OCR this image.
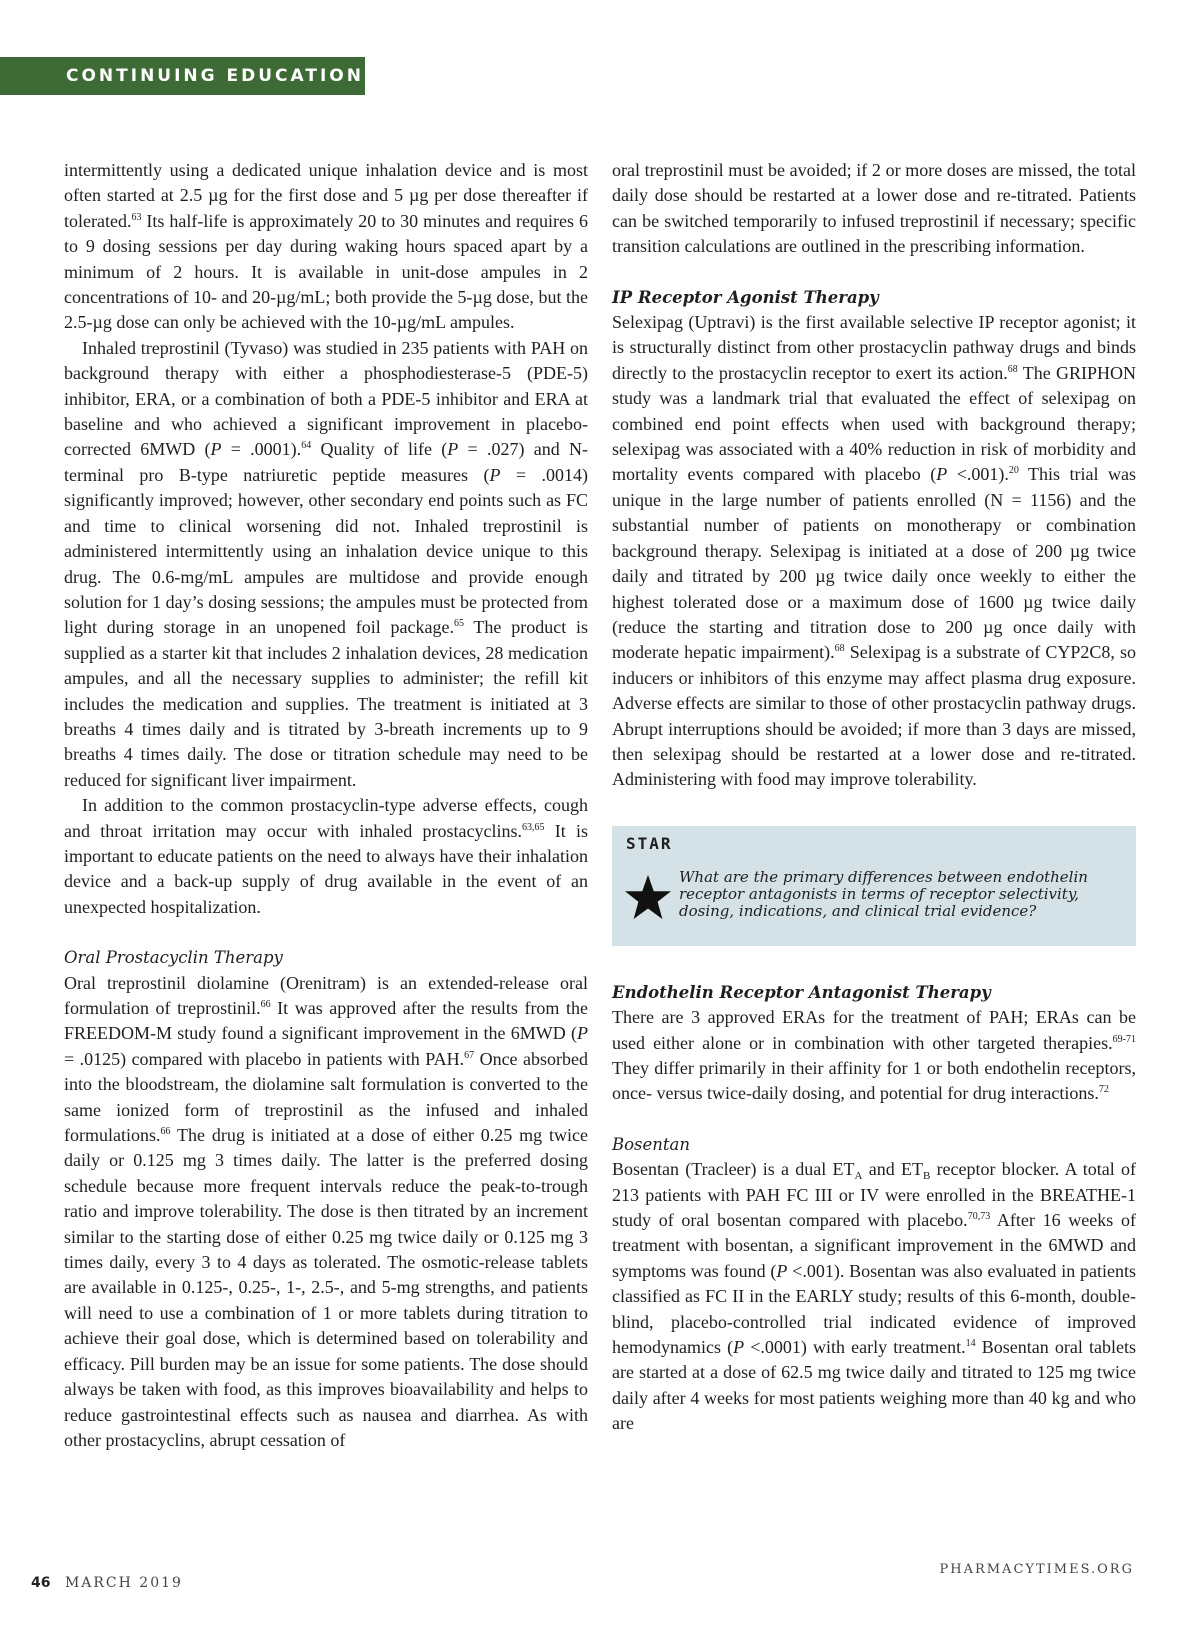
CONTINUING EDUCATION

intermittently using a dedicated unique inhalation device and is most often started at 2.5 µg for the first dose and 5 µg per dose thereafter if tolerated.$^{63}$ Its half-life is approximately 20 to 30 minutes and requires 6 to 9 dosing sessions per day during waking hours spaced apart by a minimum of 2 hours. It is available in unit-dose ampules in 2 concentrations of 10- and 20-µg/mL; both provide the 5-µg dose, but the 2.5-µg dose can only be achieved with the 10-µg/mL ampules.

Inhaled treprostinil (Tyvaso) was studied in 235 patients with PAH on background therapy with either a phosphodiesterase-5 (PDE-5) inhibitor, ERA, or a combination of both a PDE-5 inhibitor and ERA at baseline and who achieved a significant improvement in placebo-corrected 6MWD (P = .0001).$^{64}$ Quality of life (P = .027) and N-terminal pro B-type natriuretic peptide measures (P = .0014) significantly improved; however, other secondary end points such as FC and time to clinical worsening did not. Inhaled treprostinil is administered intermittently using an inhalation device unique to this drug. The 0.6-mg/mL ampules are multidose and provide enough solution for 1 day’s dosing sessions; the ampules must be protected from light during storage in an unopened foil package.$^{65}$ The product is supplied as a starter kit that includes 2 inhalation devices, 28 medication ampules, and all the necessary supplies to administer; the refill kit includes the medication and supplies. The treatment is initiated at 3 breaths 4 times daily and is titrated by 3-breath increments up to 9 breaths 4 times daily. The dose or titration schedule may need to be reduced for significant liver impairment.

In addition to the common prostacyclin-type adverse effects, cough and throat irritation may occur with inhaled prostacyclins.$^{63,65}$ It is important to educate patients on the need to always have their inhalation device and a back-up supply of drug available in the event of an unexpected hospitalization.

Oral Prostacyclin Therapy

Oral treprostinil diolamine (Orenitram) is an extended-release oral formulation of treprostinil.$^{66}$ It was approved after the results from the FREEDOM-M study found a significant improvement in the 6MWD (P = .0125) compared with placebo in patients with PAH.$^{67}$ Once absorbed into the bloodstream, the diolamine salt formulation is converted to the same ionized form of treprostinil as the infused and inhaled formulations.$^{66}$ The drug is initiated at a dose of either 0.25 mg twice daily or 0.125 mg 3 times daily. The latter is the preferred dosing schedule because more frequent intervals reduce the peak-to-trough ratio and improve tolerability. The dose is then titrated by an increment similar to the starting dose of either 0.25 mg twice daily or 0.125 mg 3 times daily, every 3 to 4 days as tolerated. The osmotic-release tablets are available in 0.125-, 0.25-, 1-, 2.5-, and 5-mg strengths, and patients will need to use a combination of 1 or more tablets during titration to achieve their goal dose, which is determined based on tolerability and efficacy. Pill burden may be an issue for some patients. The dose should always be taken with food, as this improves bioavailability and helps to reduce gastrointestinal effects such as nausea and diarrhea. As with other prostacyclins, abrupt cessation of

oral treprostinil must be avoided; if 2 or more doses are missed, the total daily dose should be restarted at a lower dose and re-titrated. Patients can be switched temporarily to infused treprostinil if necessary; specific transition calculations are outlined in the prescribing information.

IP Receptor Agonist Therapy

Selexipag (Uptravi) is the first available selective IP receptor agonist; it is structurally distinct from other prostacyclin pathway drugs and binds directly to the prostacyclin receptor to exert its action.$^{68}$ The GRIPHON study was a landmark trial that evaluated the effect of selexipag on combined end point effects when used with background therapy; selexipag was associated with a 40% reduction in risk of morbidity and mortality events compared with placebo (P <.001).$^{20}$ This trial was unique in the large number of patients enrolled (N = 1156) and the substantial number of patients on monotherapy or combination background therapy. Selexipag is initiated at a dose of 200 µg twice daily and titrated by 200 µg twice daily once weekly to either the highest tolerated dose or a maximum dose of 1600 µg twice daily (reduce the starting and titration dose to 200 µg once daily with moderate hepatic impairment).$^{68}$ Selexipag is a substrate of CYP2C8, so inducers or inhibitors of this enzyme may affect plasma drug exposure. Adverse effects are similar to those of other prostacyclin pathway drugs. Abrupt interruptions should be avoided; if more than 3 days are missed, then selexipag should be restarted at a lower dose and re-titrated. Administering with food may improve tolerability.

STAR
What are the primary differences between endothelin receptor antagonists in terms of receptor selectivity, dosing, indications, and clinical trial evidence?
Endothelin Receptor Antagonist Therapy

There are 3 approved ERAs for the treatment of PAH; ERAs can be used either alone or in combination with other targeted therapies.$^{69-71}$ They differ primarily in their affinity for 1 or both endothelin receptors, once- versus twice-daily dosing, and potential for drug interactions.$^{72}$

Bosentan

Bosentan (Tracleer) is a dual $ET_A$ and $ET_B$ receptor blocker. A total of 213 patients with PAH FC III or IV were enrolled in the BREATHE-1 study of oral bosentan compared with placebo.$^{70,73}$ After 16 weeks of treatment with bosentan, a significant improvement in the 6MWD and symptoms was found (P <.001). Bosentan was also evaluated in patients classified as FC II in the EARLY study; results of this 6-month, double-blind, placebo-controlled trial indicated evidence of improved hemodynamics (P <.0001) with early treatment.$^{14}$ Bosentan oral tablets are started at a dose of 62.5 mg twice daily and titrated to 125 mg twice daily after 4 weeks for most patients weighing more than 40 kg and who are

46 MARCH 2019
PHARMACYTIMES.ORG
